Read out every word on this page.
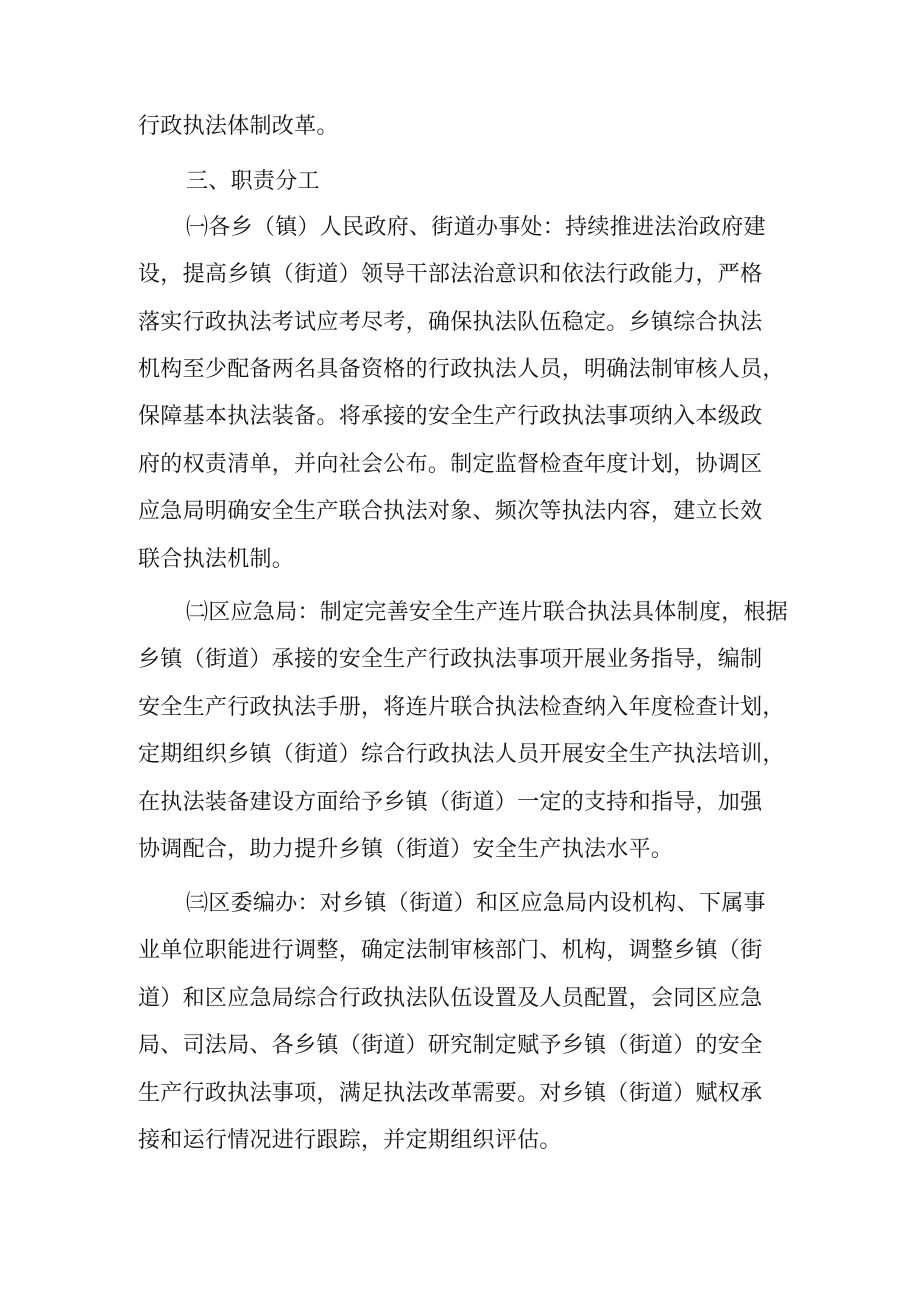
行政执法体制改革。
三、职责分工
㈠各乡（镇）人民政府、街道办事处：持续推进法治政府建
设，提高乡镇（街道）领导干部法治意识和依法行政能力，严格
落实行政执法考试应考尽考，确保执法队伍稳定。乡镇综合执法
机构至少配备两名具备资格的行政执法人员，明确法制审核人员，
保障基本执法装备。将承接的安全生产行政执法事项纳入本级政
府的权责清单，并向社会公布。制定监督检查年度计划，协调区
应急局明确安全生产联合执法对象、频次等执法内容，建立长效
联合执法机制。
㈡区应急局：制定完善安全生产连片联合执法具体制度，根据
乡镇（街道）承接的安全生产行政执法事项开展业务指导，编制
安全生产行政执法手册，将连片联合执法检查纳入年度检查计划，
定期组织乡镇（街道）综合行政执法人员开展安全生产执法培训，
在执法装备建设方面给予乡镇（街道）一定的支持和指导，加强
协调配合，助力提升乡镇（街道）安全生产执法水平。
㈢区委编办：对乡镇（街道）和区应急局内设机构、下属事
业单位职能进行调整，确定法制审核部门、机构，调整乡镇（街
道）和区应急局综合行政执法队伍设置及人员配置，会同区应急
局、司法局、各乡镇（街道）研究制定赋予乡镇（街道）的安全
生产行政执法事项，满足执法改革需要。对乡镇（街道）赋权承
接和运行情况进行跟踪，并定期组织评估。
